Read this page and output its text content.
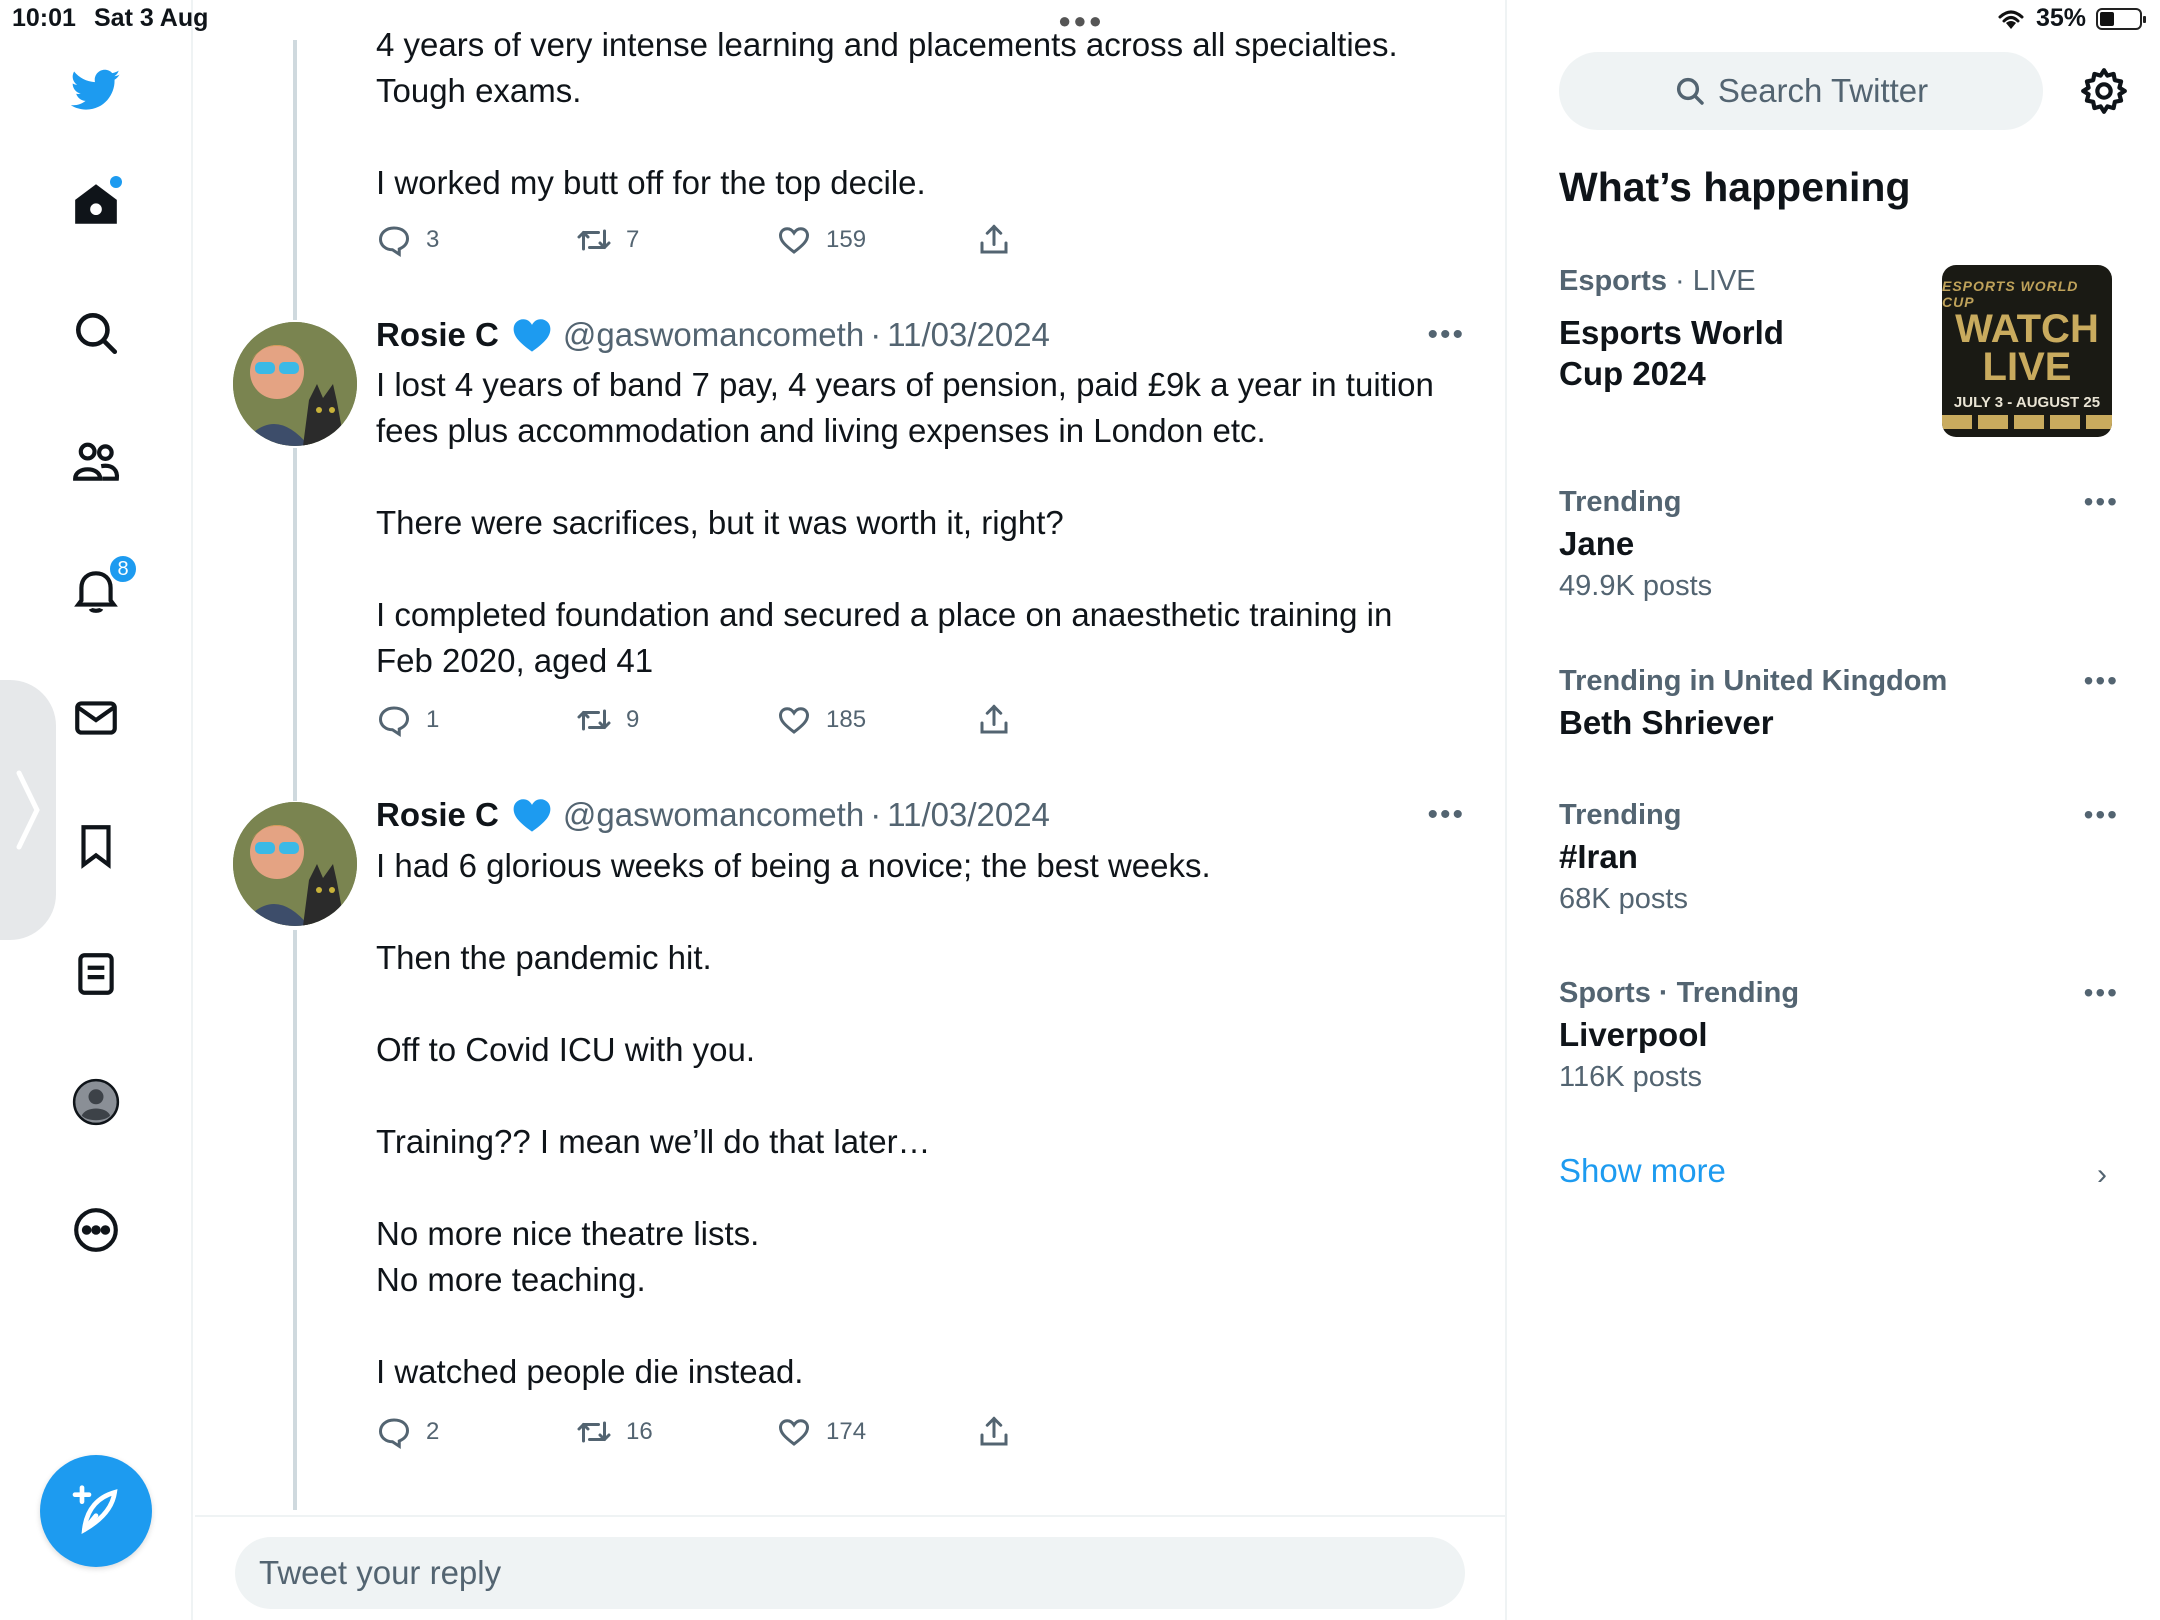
10:01 Sat 3 Aug	●●●	35%
8
4 years of very intense learning and placements across all specialties.
Tough exams.

I worked my butt off for the top decile.
3	7	159
Rosie C @gaswomancometh · 11/03/2024	•••
I lost 4 years of band 7 pay, 4 years of pension, paid £9k a year in tuition fees plus accommodation and living expenses in London etc.

There were sacrifices, but it was worth it, right?

I completed foundation and secured a place on anaesthetic training in Feb 2020, aged 41
1	9	185
Rosie C @gaswomancometh · 11/03/2024	•••
I had 6 glorious weeks of being a novice; the best weeks.

Then the pandemic hit.

Off to Covid ICU with you.

Training?? I mean we’ll do that later…

No more nice theatre lists.
No more teaching.

I watched people die instead.
2	16	174
Tweet your reply
Search Twitter
What’s happening
Esports · LIVE
Esports World Cup 2024
ESPORTS WORLD CUP
WATCH LIVE
JULY 3 - AUGUST 25
Trending
Jane
49.9K posts
•••
Trending in United Kingdom
Beth Shriever
•••
Trending
#Iran
68K posts
•••
Sports · Trending
Liverpool
116K posts
•••
Show more	›
